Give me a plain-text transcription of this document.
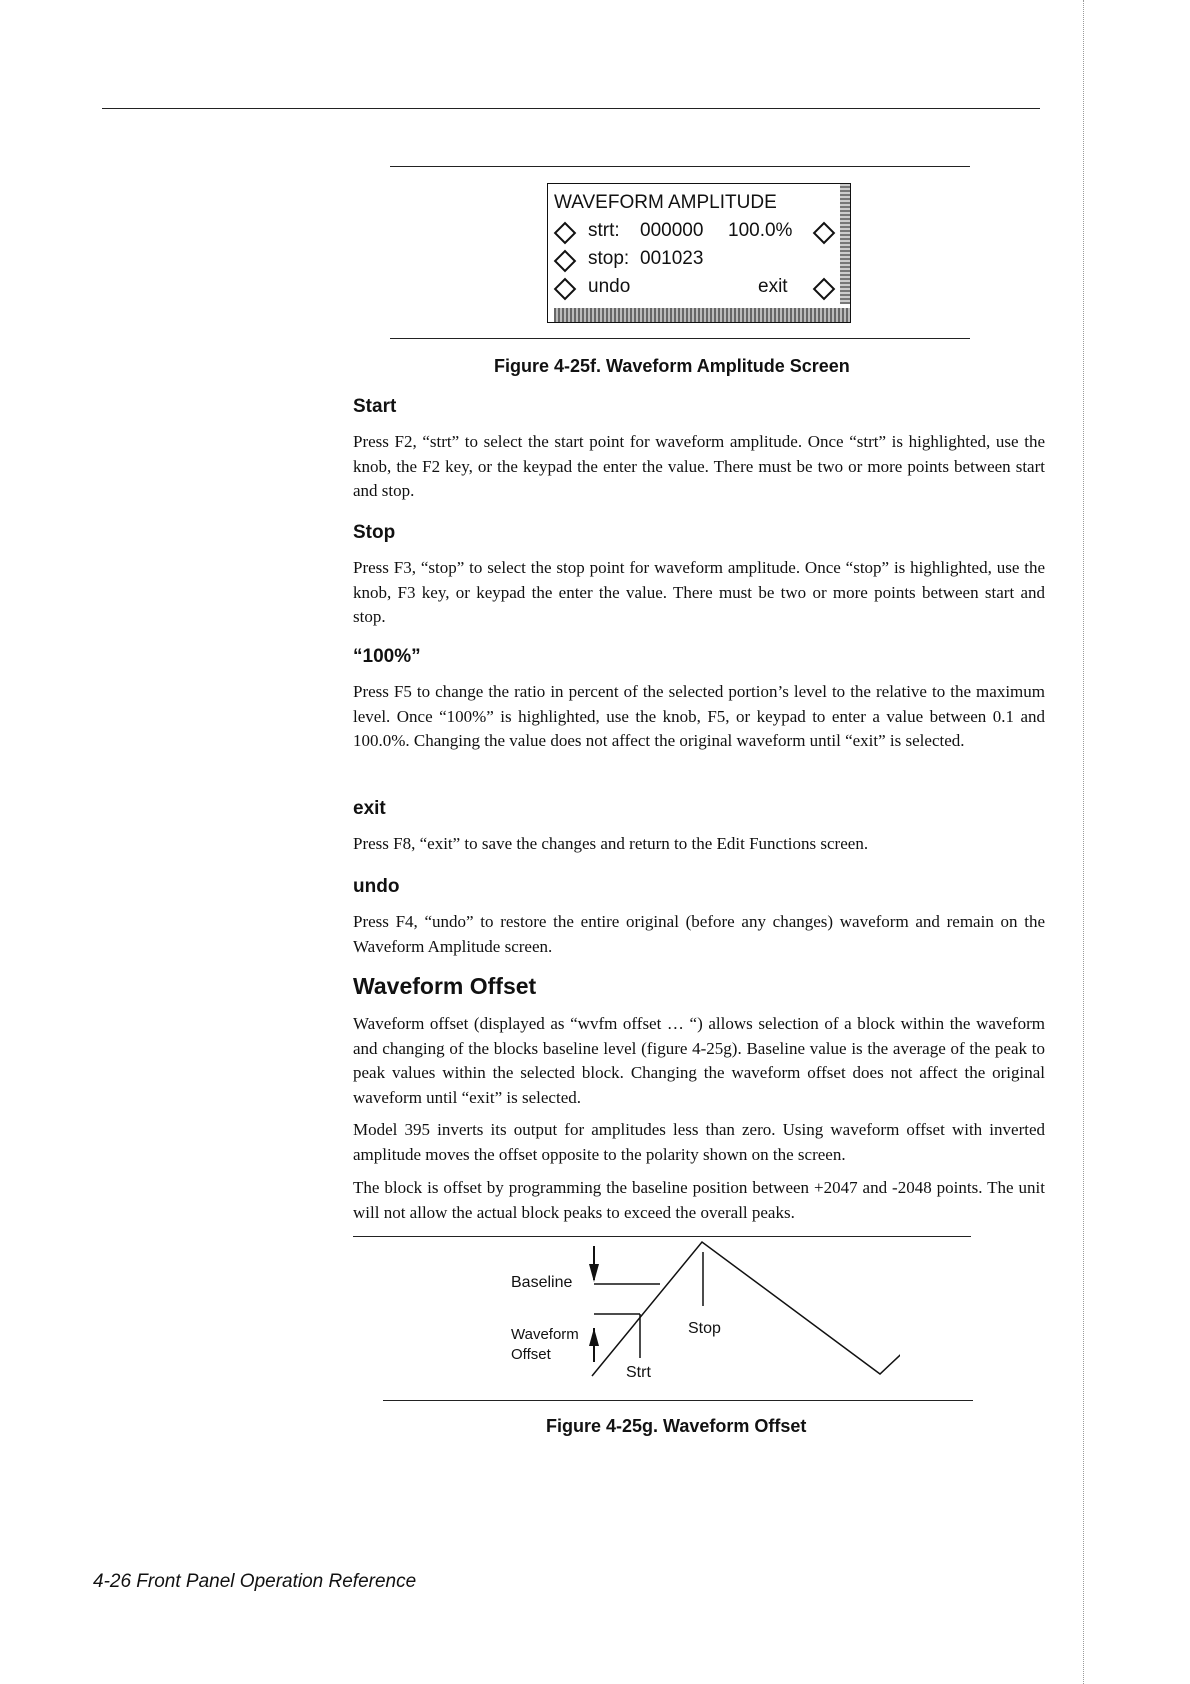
WAVEFORM AMPLITUDE
strt: 000000 100.0%
stop: 001023
undo	exit
Figure 4-25f. Waveform Amplitude Screen
Start
Press F2, “strt” to select the start point for waveform amplitude. Once “strt” is highlighted, use the knob, the F2 key, or the keypad the enter the value. There must be two or more points between start and stop.
Stop
Press F3, “stop” to select the stop point for waveform amplitude. Once “stop” is highlighted, use the knob, F3 key, or keypad the enter the value. There must be two or more points between start and stop.
“100%”
Press F5 to change the ratio in percent of the selected portion’s level to the relative to the maximum level. Once “100%” is highlighted, use the knob, F5, or keypad to enter a value between 0.1 and 100.0%. Changing the value does not affect the original waveform until “exit” is selected.
exit
Press F8, “exit” to save the changes and return to the Edit Functions screen.
undo
Press F4, “undo” to restore the entire original (before any changes) waveform and remain on the Waveform Amplitude screen.
Waveform Offset
Waveform offset (displayed as “wvfm offset … “) allows selection of a block within the waveform and changing of the blocks baseline level (figure 4-25g). Baseline value is the average of the peak to peak values within the selected block. Changing the waveform offset does not affect the original waveform until “exit” is selected.
Model 395 inverts its output for amplitudes less than zero. Using waveform offset with inverted amplitude moves the offset opposite to the polarity shown on the screen.
The block is offset by programming the baseline position between +2047 and -2048 points. The unit will not allow the actual block peaks to exceed the overall peaks.
Baseline
Waveform
Offset
Stop
Strt
Figure 4-25g. Waveform Offset
4-26 Front Panel Operation Reference
